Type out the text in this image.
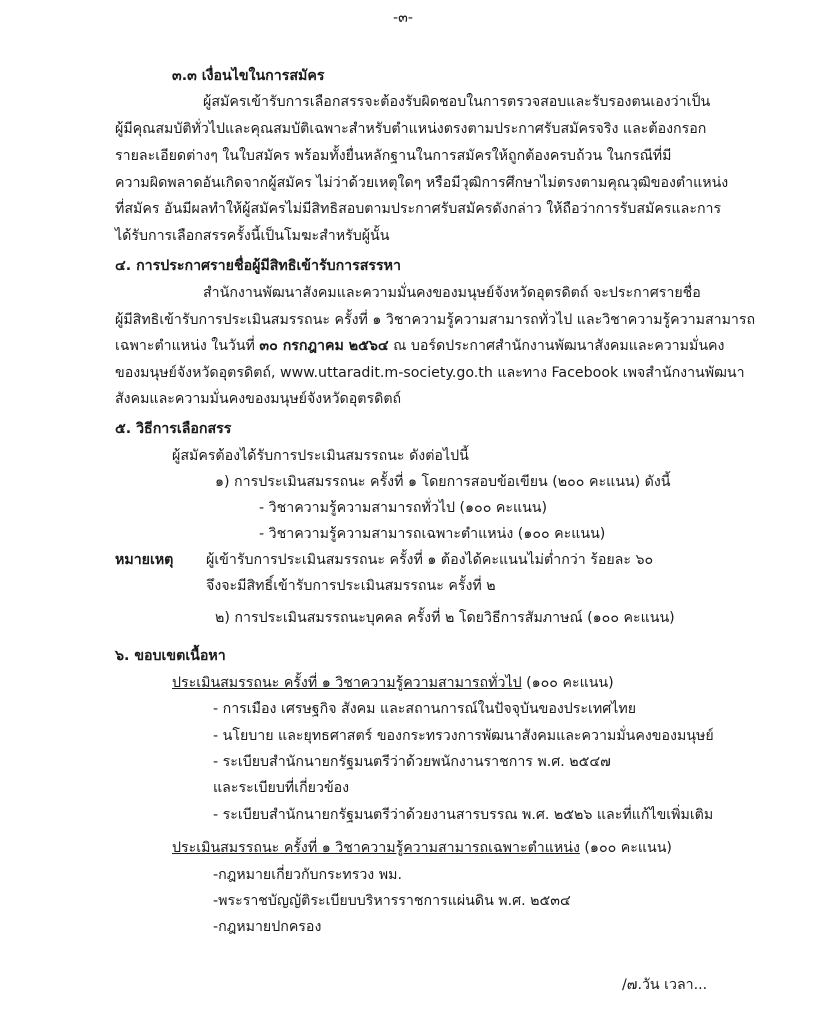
-๓-
๓.๓ เงื่อนไขในการสมัคร
ผู้สมัครเข้ารับการเลือกสรรจะต้องรับผิดชอบในการตรวจสอบและรับรองตนเองว่าเป็น
ผู้มีคุณสมบัติทั่วไปและคุณสมบัติเฉพาะสำหรับตำแหน่งตรงตามประกาศรับสมัครจริง และต้องกรอก
รายละเอียดต่างๆ ในใบสมัคร พร้อมทั้งยื่นหลักฐานในการสมัครให้ถูกต้องครบถ้วน ในกรณีที่มี
ความผิดพลาดอันเกิดจากผู้สมัคร ไม่ว่าด้วยเหตุใดๆ หรือมีวุฒิการศึกษาไม่ตรงตามคุณวุฒิของตำแหน่ง
ที่สมัคร อันมีผลทำให้ผู้สมัครไม่มีสิทธิสอบตามประกาศรับสมัครดังกล่าว ให้ถือว่าการรับสมัครและการ
ได้รับการเลือกสรรครั้งนี้เป็นโมฆะสำหรับผู้นั้น
๔. การประกาศรายชื่อผู้มีสิทธิเข้ารับการสรรหา
สำนักงานพัฒนาสังคมและความมั่นคงของมนุษย์จังหวัดอุตรดิตถ์ จะประกาศรายชื่อ
ผู้มีสิทธิเข้ารับการประเมินสมรรถนะ ครั้งที่ ๑ วิชาความรู้ความสามารถทั่วไป และวิชาความรู้ความสามารถ
เฉพาะตำแหน่ง ในวันที่ ๓๐ กรกฎาคม ๒๕๖๔ ณ บอร์ดประกาศสำนักงานพัฒนาสังคมและความมั่นคง
ของมนุษย์จังหวัดอุตรดิตถ์, www.uttaradit.m-society.go.th และทาง Facebook เพจสำนักงานพัฒนา
สังคมและความมั่นคงของมนุษย์จังหวัดอุตรดิตถ์
๕. วิธีการเลือกสรร
ผู้สมัครต้องได้รับการประเมินสมรรถนะ ดังต่อไปนี้
๑) การประเมินสมรรถนะ ครั้งที่ ๑ โดยการสอบข้อเขียน (๒๐๐ คะแนน) ดังนี้
- วิชาความรู้ความสามารถทั่วไป (๑๐๐ คะแนน)
- วิชาความรู้ความสามารถเฉพาะตำแหน่ง (๑๐๐ คะแนน)
หมายเหตุ ผู้เข้ารับการประเมินสมรรถนะ ครั้งที่ ๑ ต้องได้คะแนนไม่ต่ำกว่า ร้อยละ ๖๐
จึงจะมีสิทธิ์เข้ารับการประเมินสมรรถนะ ครั้งที่ ๒
๒) การประเมินสมรรถนะบุคคล ครั้งที่ ๒ โดยวิธีการสัมภาษณ์ (๑๐๐ คะแนน)
๖. ขอบเขตเนื้อหา
ประเมินสมรรถนะ ครั้งที่ ๑ วิชาความรู้ความสามารถทั่วไป (๑๐๐ คะแนน)
- การเมือง เศรษฐกิจ สังคม และสถานการณ์ในปัจจุบันของประเทศไทย
- นโยบาย และยุทธศาสตร์ ของกระทรวงการพัฒนาสังคมและความมั่นคงของมนุษย์
- ระเบียบสำนักนายกรัฐมนตรีว่าด้วยพนักงานราชการ พ.ศ. ๒๕๔๗
และระเบียบที่เกี่ยวข้อง
- ระเบียบสำนักนายกรัฐมนตรีว่าด้วยงานสารบรรณ พ.ศ. ๒๕๒๖ และที่แก้ไขเพิ่มเติม
ประเมินสมรรถนะ ครั้งที่ ๑ วิชาความรู้ความสามารถเฉพาะตำแหน่ง (๑๐๐ คะแนน)
-กฎหมายเกี่ยวกับกระทรวง พม.
-พระราชบัญญัติระเบียบบริหารราชการแผ่นดิน พ.ศ. ๒๕๓๔
-กฎหมายปกครอง
/๗.วัน เวลา...
